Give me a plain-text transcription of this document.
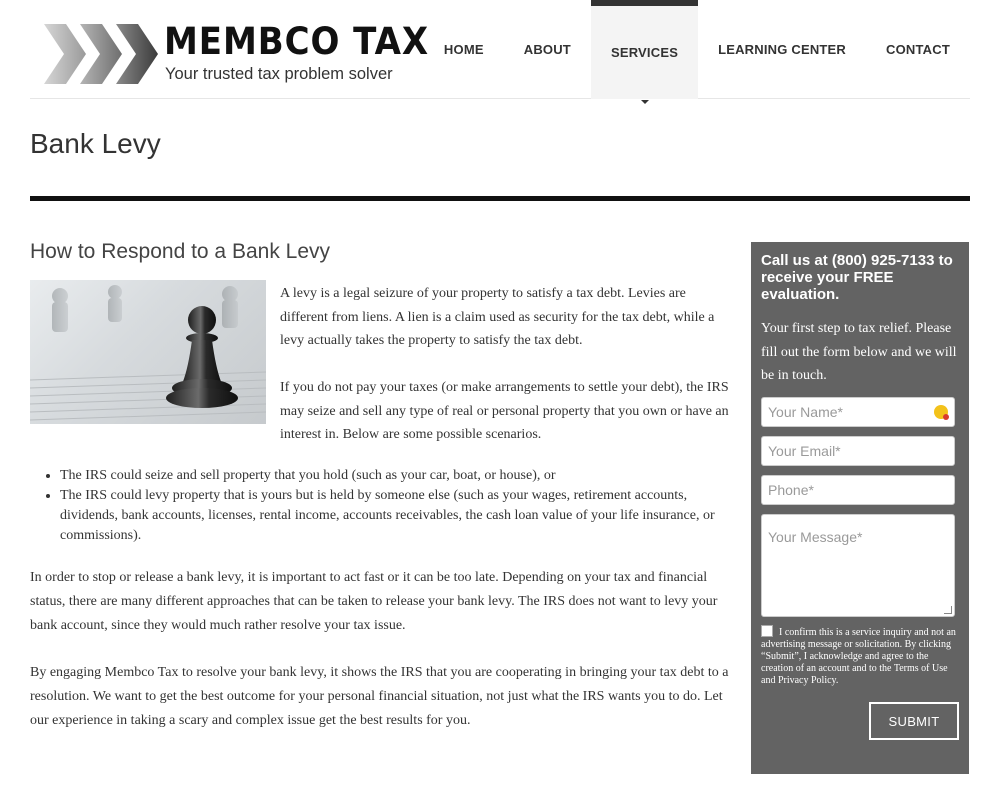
MEMBCO TAX
Your trusted tax problem solver
HOME	ABOUT	SERVICES	LEARNING CENTER	CONTACT
Bank Levy
How to Respond to a Bank Levy

A levy is a legal seizure of your property to satisfy a tax debt. Levies are different from liens. A lien is a claim used as security for the tax debt, while a levy actually takes the property to satisfy the tax debt.

If you do not pay your taxes (or make arrangements to settle your debt), the IRS may seize and sell any type of real or personal property that you own or have an interest in. Below are some possible scenarios.

• The IRS could seize and sell property that you hold (such as your car, boat, or house), or
• The IRS could levy property that is yours but is held by someone else (such as your wages, retirement accounts, dividends, bank accounts, licenses, rental income, accounts receivables, the cash loan value of your life insurance, or commissions).

In order to stop or release a bank levy, it is important to act fast or it can be too late. Depending on your tax and financial status, there are many different approaches that can be taken to release your bank levy. The IRS does not want to levy your bank account, since they would much rather resolve your tax issue.

By engaging Membco Tax to resolve your bank levy, it shows the IRS that you are cooperating in bringing your tax debt to a resolution. We want to get the best outcome for your personal financial situation, not just what the IRS wants you to do. Let our experience in taking a scary and complex issue get the best results for you.

Call us at (800) 925-7133 to receive your FREE evaluation.
Your first step to tax relief. Please fill out the form below and we will be in touch.
Your Name*
Your Email*
Phone*
Your Message*
I confirm this is a service inquiry and not an advertising message or solicitation. By clicking “Submit”, I acknowledge and agree to the creation of an account and to the Terms of Use and Privacy Policy.
SUBMIT
